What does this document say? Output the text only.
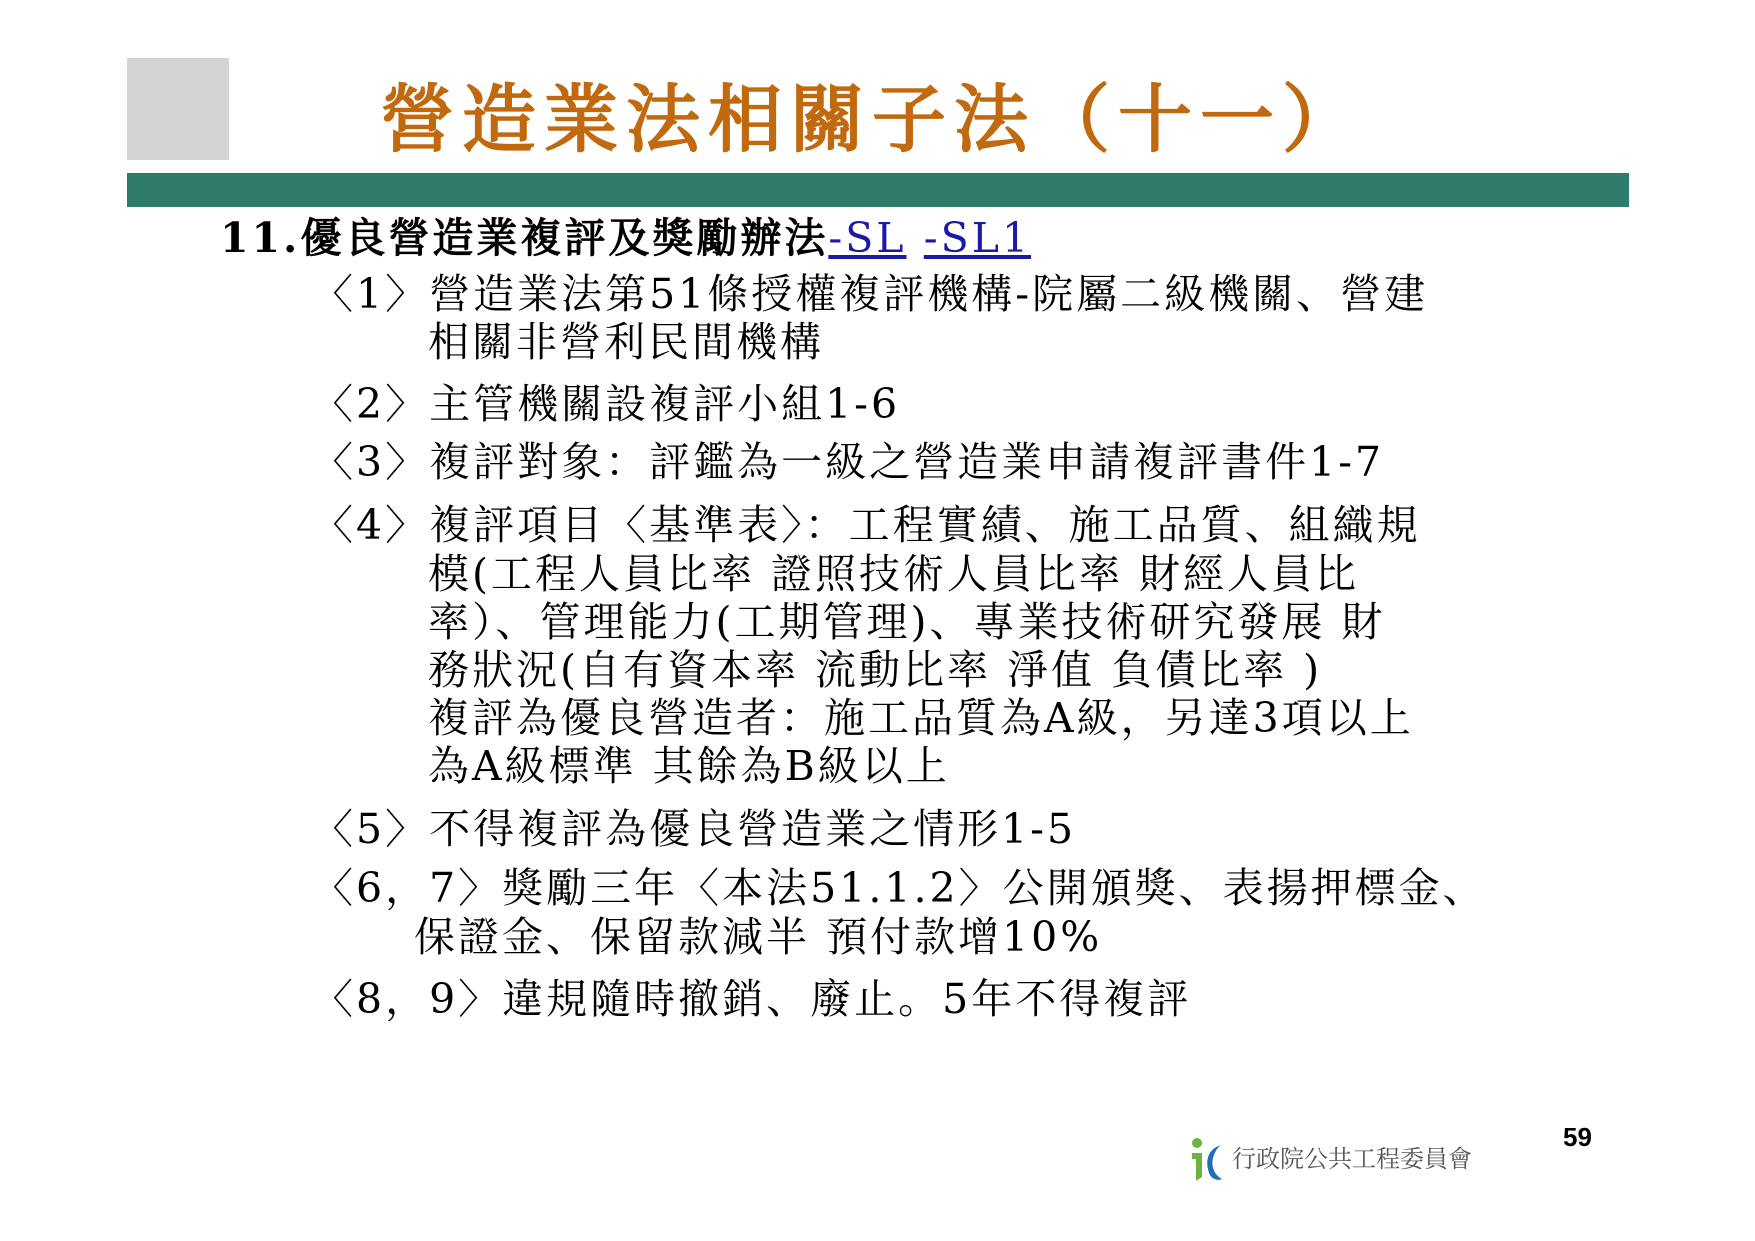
營造業法相關子法（十一）
11.優良營造業複評及獎勵辦法-SL -SL1
〈1〉營造業法第51條授權複評機構-院屬二級機關、營建
相關非營利民間機構
〈2〉主管機關設複評小組1-6
〈3〉複評對象：評鑑為一級之營造業申請複評書件1-7
〈4〉複評項目〈基準表〉：工程實績、施工品質、組織規
模(工程人員比率 證照技術人員比率 財經人員比
率）、管理能力(工期管理)、專業技術研究發展 財
務狀況(自有資本率 流動比率 淨值 負債比率 )
複評為優良營造者：施工品質為A級，另達3項以上
為A級標準 其餘為B級以上
〈5〉不得複評為優良營造業之情形1-5
〈6，7〉獎勵三年〈本法51.1.2〉公開頒獎、表揚押標金、
保證金、保留款減半 預付款增10%
〈8，9〉違規隨時撤銷、廢止。5年不得複評
59
行政院公共工程委員會
